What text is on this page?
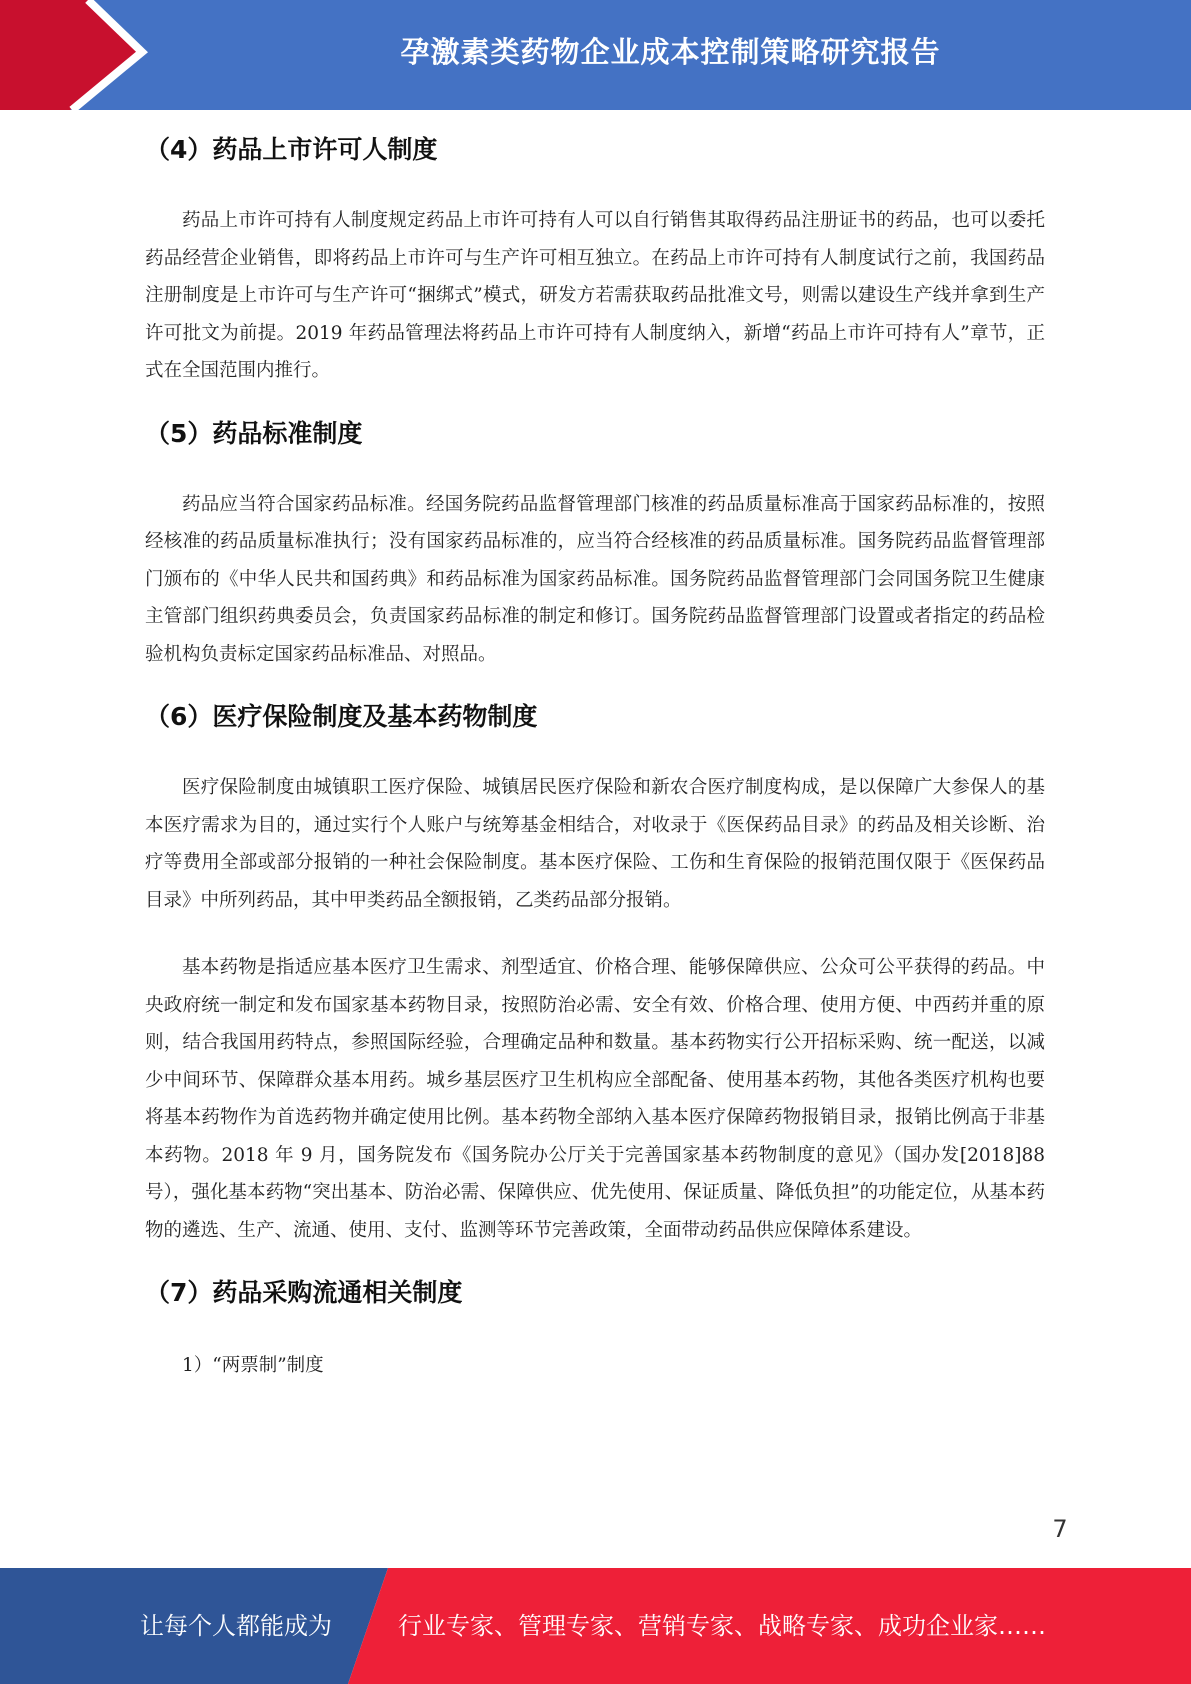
孕激素类药物企业成本控制策略研究报告
（4）药品上市许可人制度

药品上市许可持有人制度规定药品上市许可持有人可以自行销售其取得药品注册证书的药品，也可以委托药品经营企业销售，即将药品上市许可与生产许可相互独立。在药品上市许可持有人制度试行之前，我国药品注册制度是上市许可与生产许可“捆绑式”模式，研发方若需获取药品批准文号，则需以建设生产线并拿到生产许可批文为前提。2019 年药品管理法将药品上市许可持有人制度纳入，新增“药品上市许可持有人”章节，正式在全国范围内推行。

（5）药品标准制度

药品应当符合国家药品标准。经国务院药品监督管理部门核准的药品质量标准高于国家药品标准的，按照经核准的药品质量标准执行；没有国家药品标准的，应当符合经核准的药品质量标准。国务院药品监督管理部门颁布的《中华人民共和国药典》和药品标准为国家药品标准。国务院药品监督管理部门会同国务院卫生健康主管部门组织药典委员会，负责国家药品标准的制定和修订。国务院药品监督管理部门设置或者指定的药品检验机构负责标定国家药品标准品、对照品。

（6）医疗保险制度及基本药物制度

医疗保险制度由城镇职工医疗保险、城镇居民医疗保险和新农合医疗制度构成，是以保障广大参保人的基本医疗需求为目的，通过实行个人账户与统筹基金相结合，对收录于《医保药品目录》的药品及相关诊断、治疗等费用全部或部分报销的一种社会保险制度。基本医疗保险、工伤和生育保险的报销范围仅限于《医保药品目录》中所列药品，其中甲类药品全额报销，乙类药品部分报销。

基本药物是指适应基本医疗卫生需求、剂型适宜、价格合理、能够保障供应、公众可公平获得的药品。中央政府统一制定和发布国家基本药物目录，按照防治必需、安全有效、价格合理、使用方便、中西药并重的原则，结合我国用药特点，参照国际经验，合理确定品种和数量。基本药物实行公开招标采购、统一配送，以减少中间环节、保障群众基本用药。城乡基层医疗卫生机构应全部配备、使用基本药物，其他各类医疗机构也要将基本药物作为首选药物并确定使用比例。基本药物全部纳入基本医疗保障药物报销目录，报销比例高于非基本药物。2018 年 9 月，国务院发布《国务院办公厅关于完善国家基本药物制度的意见》（国办发[2018]88 号），强化基本药物“突出基本、防治必需、保障供应、优先使用、保证质量、降低负担”的功能定位，从基本药物的遴选、生产、流通、使用、支付、监测等环节完善政策，全面带动药品供应保障体系建设。

（7）药品采购流通相关制度

1）“两票制”制度

7
让每个人都能成为	行业专家、管理专家、营销专家、战略专家、成功企业家……
